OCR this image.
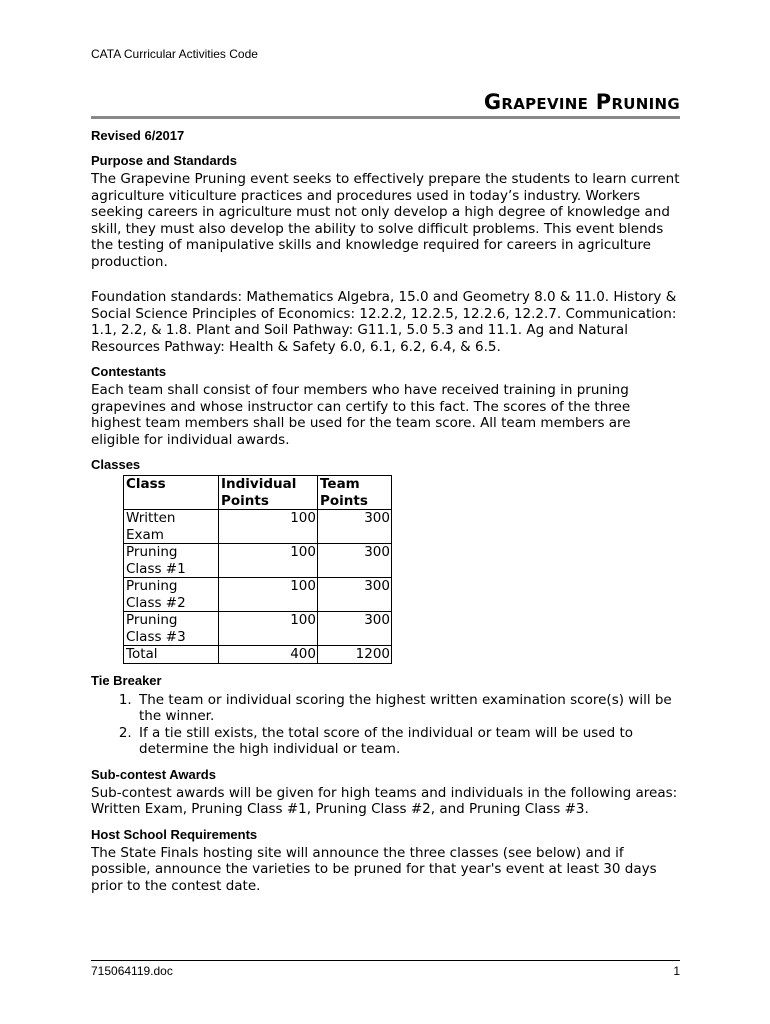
CATA Curricular Activities Code
Grapevine Pruning

Revised 6/2017

Purpose and Standards

The Grapevine Pruning event seeks to effectively prepare the students to learn current agriculture viticulture practices and procedures used in today’s industry. Workers seeking careers in agriculture must not only develop a high degree of knowledge and skill, they must also develop the ability to solve difficult problems. This event blends the testing of manipulative skills and knowledge required for careers in agriculture production.

Foundation standards: Mathematics Algebra, 15.0 and Geometry 8.0 & 11.0. History & Social Science Principles of Economics: 12.2.2, 12.2.5, 12.2.6, 12.2.7. Communication: 1.1, 2.2, & 1.8. Plant and Soil Pathway: G11.1, 5.0 5.3 and 11.1. Ag and Natural Resources Pathway: Health & Safety 6.0, 6.1, 6.2, 6.4, & 6.5.

Contestants

Each team shall consist of four members who have received training in pruning grapevines and whose instructor can certify to this fact. The scores of the three highest team members shall be used for the team score. All team members are eligible for individual awards.

Classes

Class	Individual Points	Team Points
Written Exam	100	300
Pruning Class #1	100	300
Pruning Class #2	100	300
Pruning Class #3	100	300
Total	400	1200

Tie Breaker

1. The team or individual scoring the highest written examination score(s) will be the winner.
2. If a tie still exists, the total score of the individual or team will be used to determine the high individual or team.

Sub-contest Awards

Sub-contest awards will be given for high teams and individuals in the following areas: Written Exam, Pruning Class #1, Pruning Class #2, and Pruning Class #3.

Host School Requirements

The State Finals hosting site will announce the three classes (see below) and if possible, announce the varieties to be pruned for that year's event at least 30 days prior to the contest date.

715064119.doc	1
